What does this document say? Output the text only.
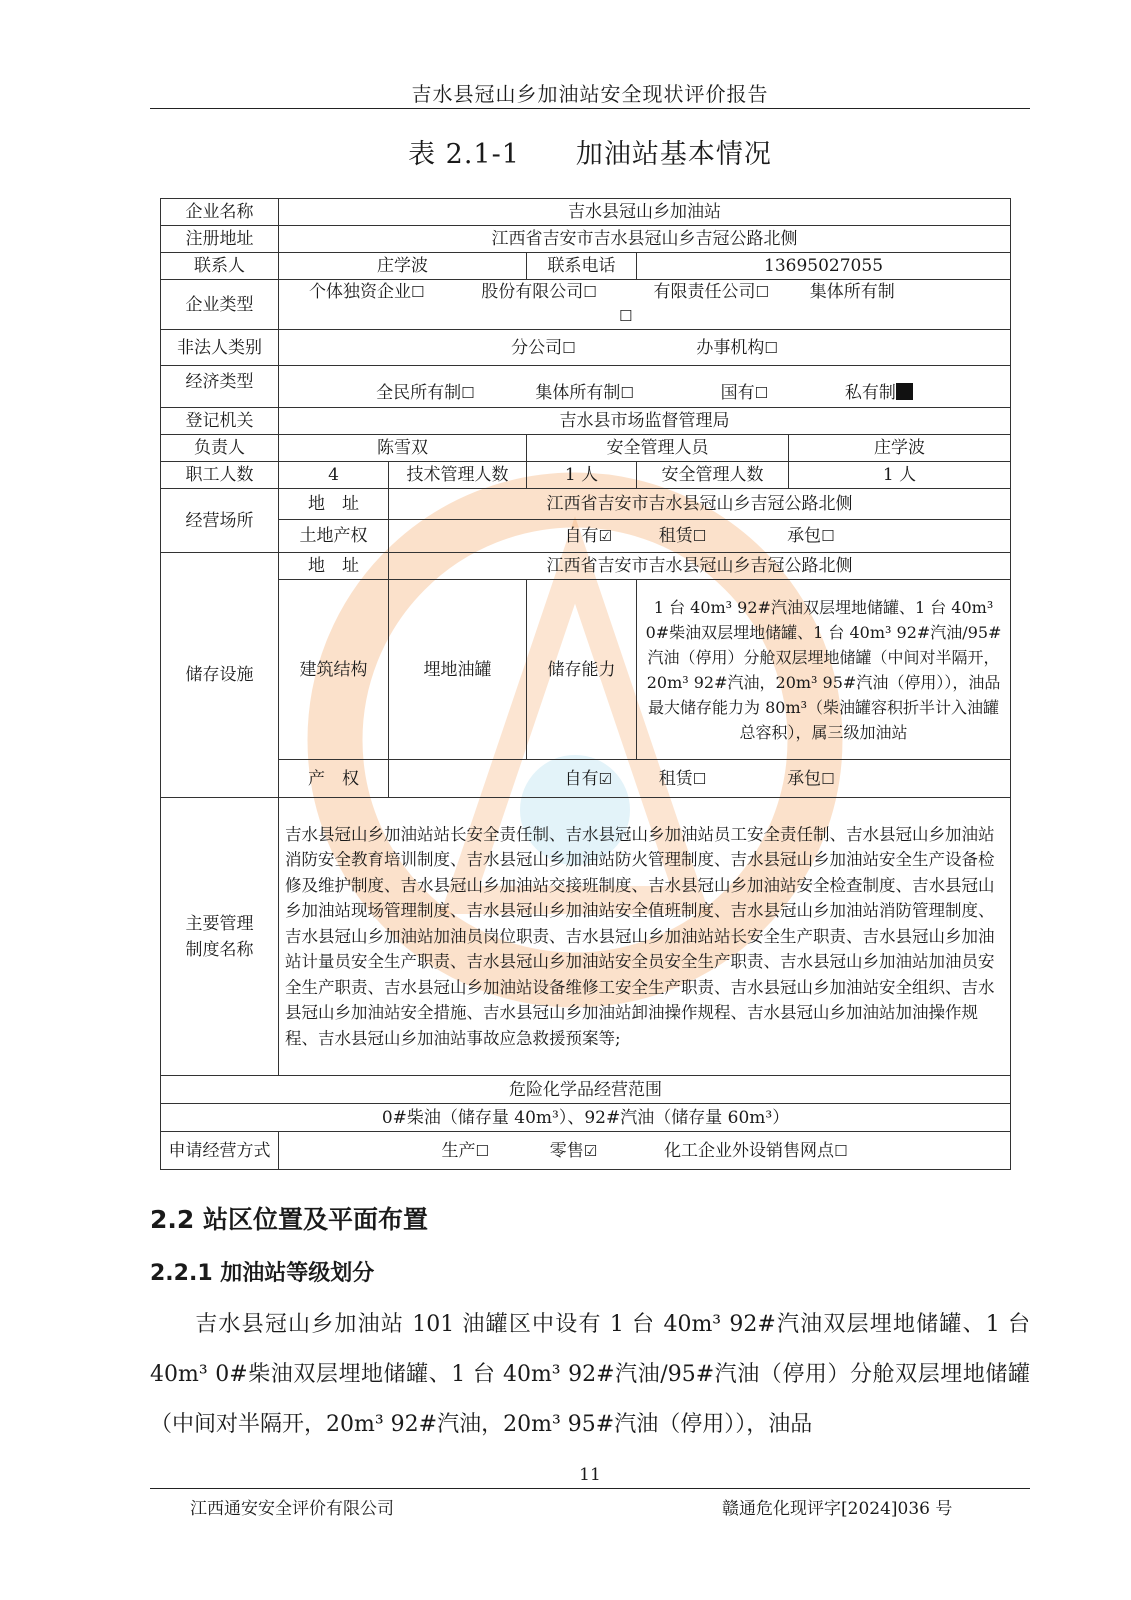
吉水县冠山乡加油站安全现状评价报告
表 2.1-1　　加油站基本情况
企业名称	吉水县冠山乡加油站				
注册地址	江西省吉安市吉水县冠山乡吉冠公路北侧				
联系人	庄学波		联系电话	13695027055	
企业类型	个体独资企业☐ 股份有限公司☐ 有限责任公司☐ 集体所有制
☐				
非法人类别	分公司☐ 办事机构☐				
经济类型	全民所有制☐ 集体所有制☐ 国有☐ 私有制				
登记机关	吉水县市场监督管理局				
负责人	陈雪双		安全管理人员		庄学波
职工人数	4	技术管理人数	1 人	安全管理人数	1 人
经营场所	地　址	江西省吉安市吉水县冠山乡吉冠公路北侧			
	土地产权	自有☑ 租赁☐ 承包☐			
储存设施	地　址	江西省吉安市吉水县冠山乡吉冠公路北侧			
	建筑结构	埋地油罐	储存能力	1 台 40m³ 92#汽油双层埋地储罐、1 台 40m³ 0#柴油双层埋地储罐、1 台 40m³ 92#汽油/95#汽油（停用）分舱双层埋地储罐（中间对半隔开，20m³ 92#汽油，20m³ 95#汽油（停用）），油品最大储存能力为 80m³（柴油罐容积折半计入油罐总容积），属三级加油站	
	产　权	自有☑ 租赁☐ 承包☐			
主要管理制度名称	吉水县冠山乡加油站站长安全责任制、吉水县冠山乡加油站员工安全责任制、吉水县冠山乡加油站消防安全教育培训制度、吉水县冠山乡加油站防火管理制度、吉水县冠山乡加油站安全生产设备检修及维护制度、吉水县冠山乡加油站交接班制度、吉水县冠山乡加油站安全检查制度、吉水县冠山乡加油站现场管理制度、吉水县冠山乡加油站安全值班制度、吉水县冠山乡加油站消防管理制度、吉水县冠山乡加油站加油员岗位职责、吉水县冠山乡加油站站长安全生产职责、吉水县冠山乡加油站计量员安全生产职责、吉水县冠山乡加油站安全员安全生产职责、吉水县冠山乡加油站加油员安全生产职责、吉水县冠山乡加油站设备维修工安全生产职责、吉水县冠山乡加油站安全组织、吉水县冠山乡加油站安全措施、吉水县冠山乡加油站卸油操作规程、吉水县冠山乡加油站加油操作规程、吉水县冠山乡加油站事故应急救援预案等;				
危险化学品经营范围					
0#柴油（储存量 40m³）、92#汽油（储存量 60m³）					
申请经营方式	生产☐ 零售☑ 化工企业外设销售网点☐				
2.2 站区位置及平面布置
2.2.1 加油站等级划分
吉水县冠山乡加油站 101 油罐区中设有 1 台 40m³ 92#汽油双层埋地储罐、1 台 40m³ 0#柴油双层埋地储罐、1 台 40m³ 92#汽油/95#汽油（停用）分舱双层埋地储罐（中间对半隔开，20m³ 92#汽油，20m³ 95#汽油（停用）），油品
11
江西通安安全评价有限公司	赣通危化现评字[2024]036 号
